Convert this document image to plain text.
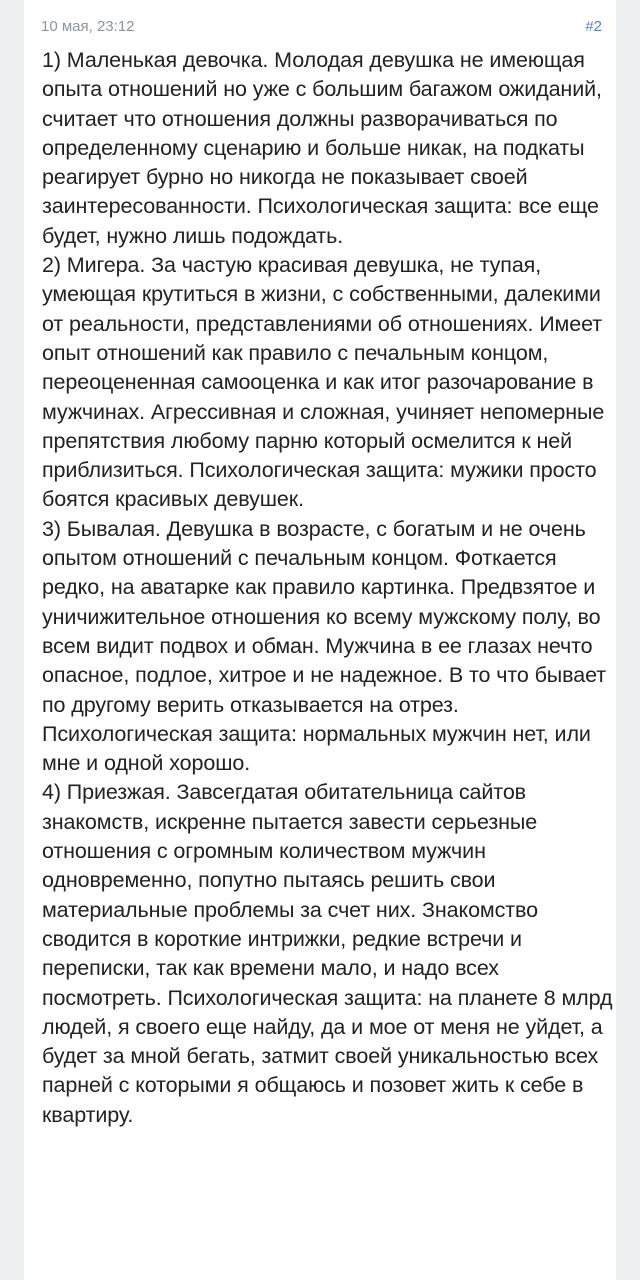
10 мая, 23:12	#2

1) Маленькая девочка. Молодая девушка не имеющая опыта отношений но уже с большим багажом ожиданий, считает что отношения должны разворачиваться по определенному сценарию и больше никак, на подкаты реагирует бурно но никогда не показывает своей заинтересованности. Психологическая защита: все еще будет, нужно лишь подождать.

2) Мигера. За частую красивая девушка, не тупая, умеющая крутиться в жизни, с собственными, далекими от реальности, представлениями об отношениях. Имеет опыт отношений как правило с печальным концом, переоцененная самооценка и как итог разочарование в мужчинах. Агрессивная и сложная, учиняет непомерные препятствия любому парню который осмелится к ней приблизиться. Психологическая защита: мужики просто боятся красивых девушек.

3) Бывалая. Девушка в возрасте, с богатым и не очень опытом отношений с печальным концом. Фоткается редко, на аватарке как правило картинка. Предвзятое и уничижительное отношения ко всему мужскому полу, во всем видит подвох и обман. Мужчина в ее глазах нечто опасное, подлое, хитрое и не надежное. В то что бывает по другому верить отказывается на отрез. Психологическая защита: нормальных мужчин нет, или мне и одной хорошо.

4) Приезжая. Завсегдатая обитательница сайтов знакомств, искренне пытается завести серьезные отношения с огромным количеством мужчин одновременно, попутно пытаясь решить свои материальные проблемы за счет них. Знакомство сводится в короткие интрижки, редкие встречи и переписки, так как времени мало, и надо всех посмотреть. Психологическая защита: на планете 8 млрд людей, я своего еще найду, да и мое от меня не уйдет, а будет за мной бегать, затмит своей уникальностью всех парней с которыми я общаюсь и позовет жить к себе в квартиру.
